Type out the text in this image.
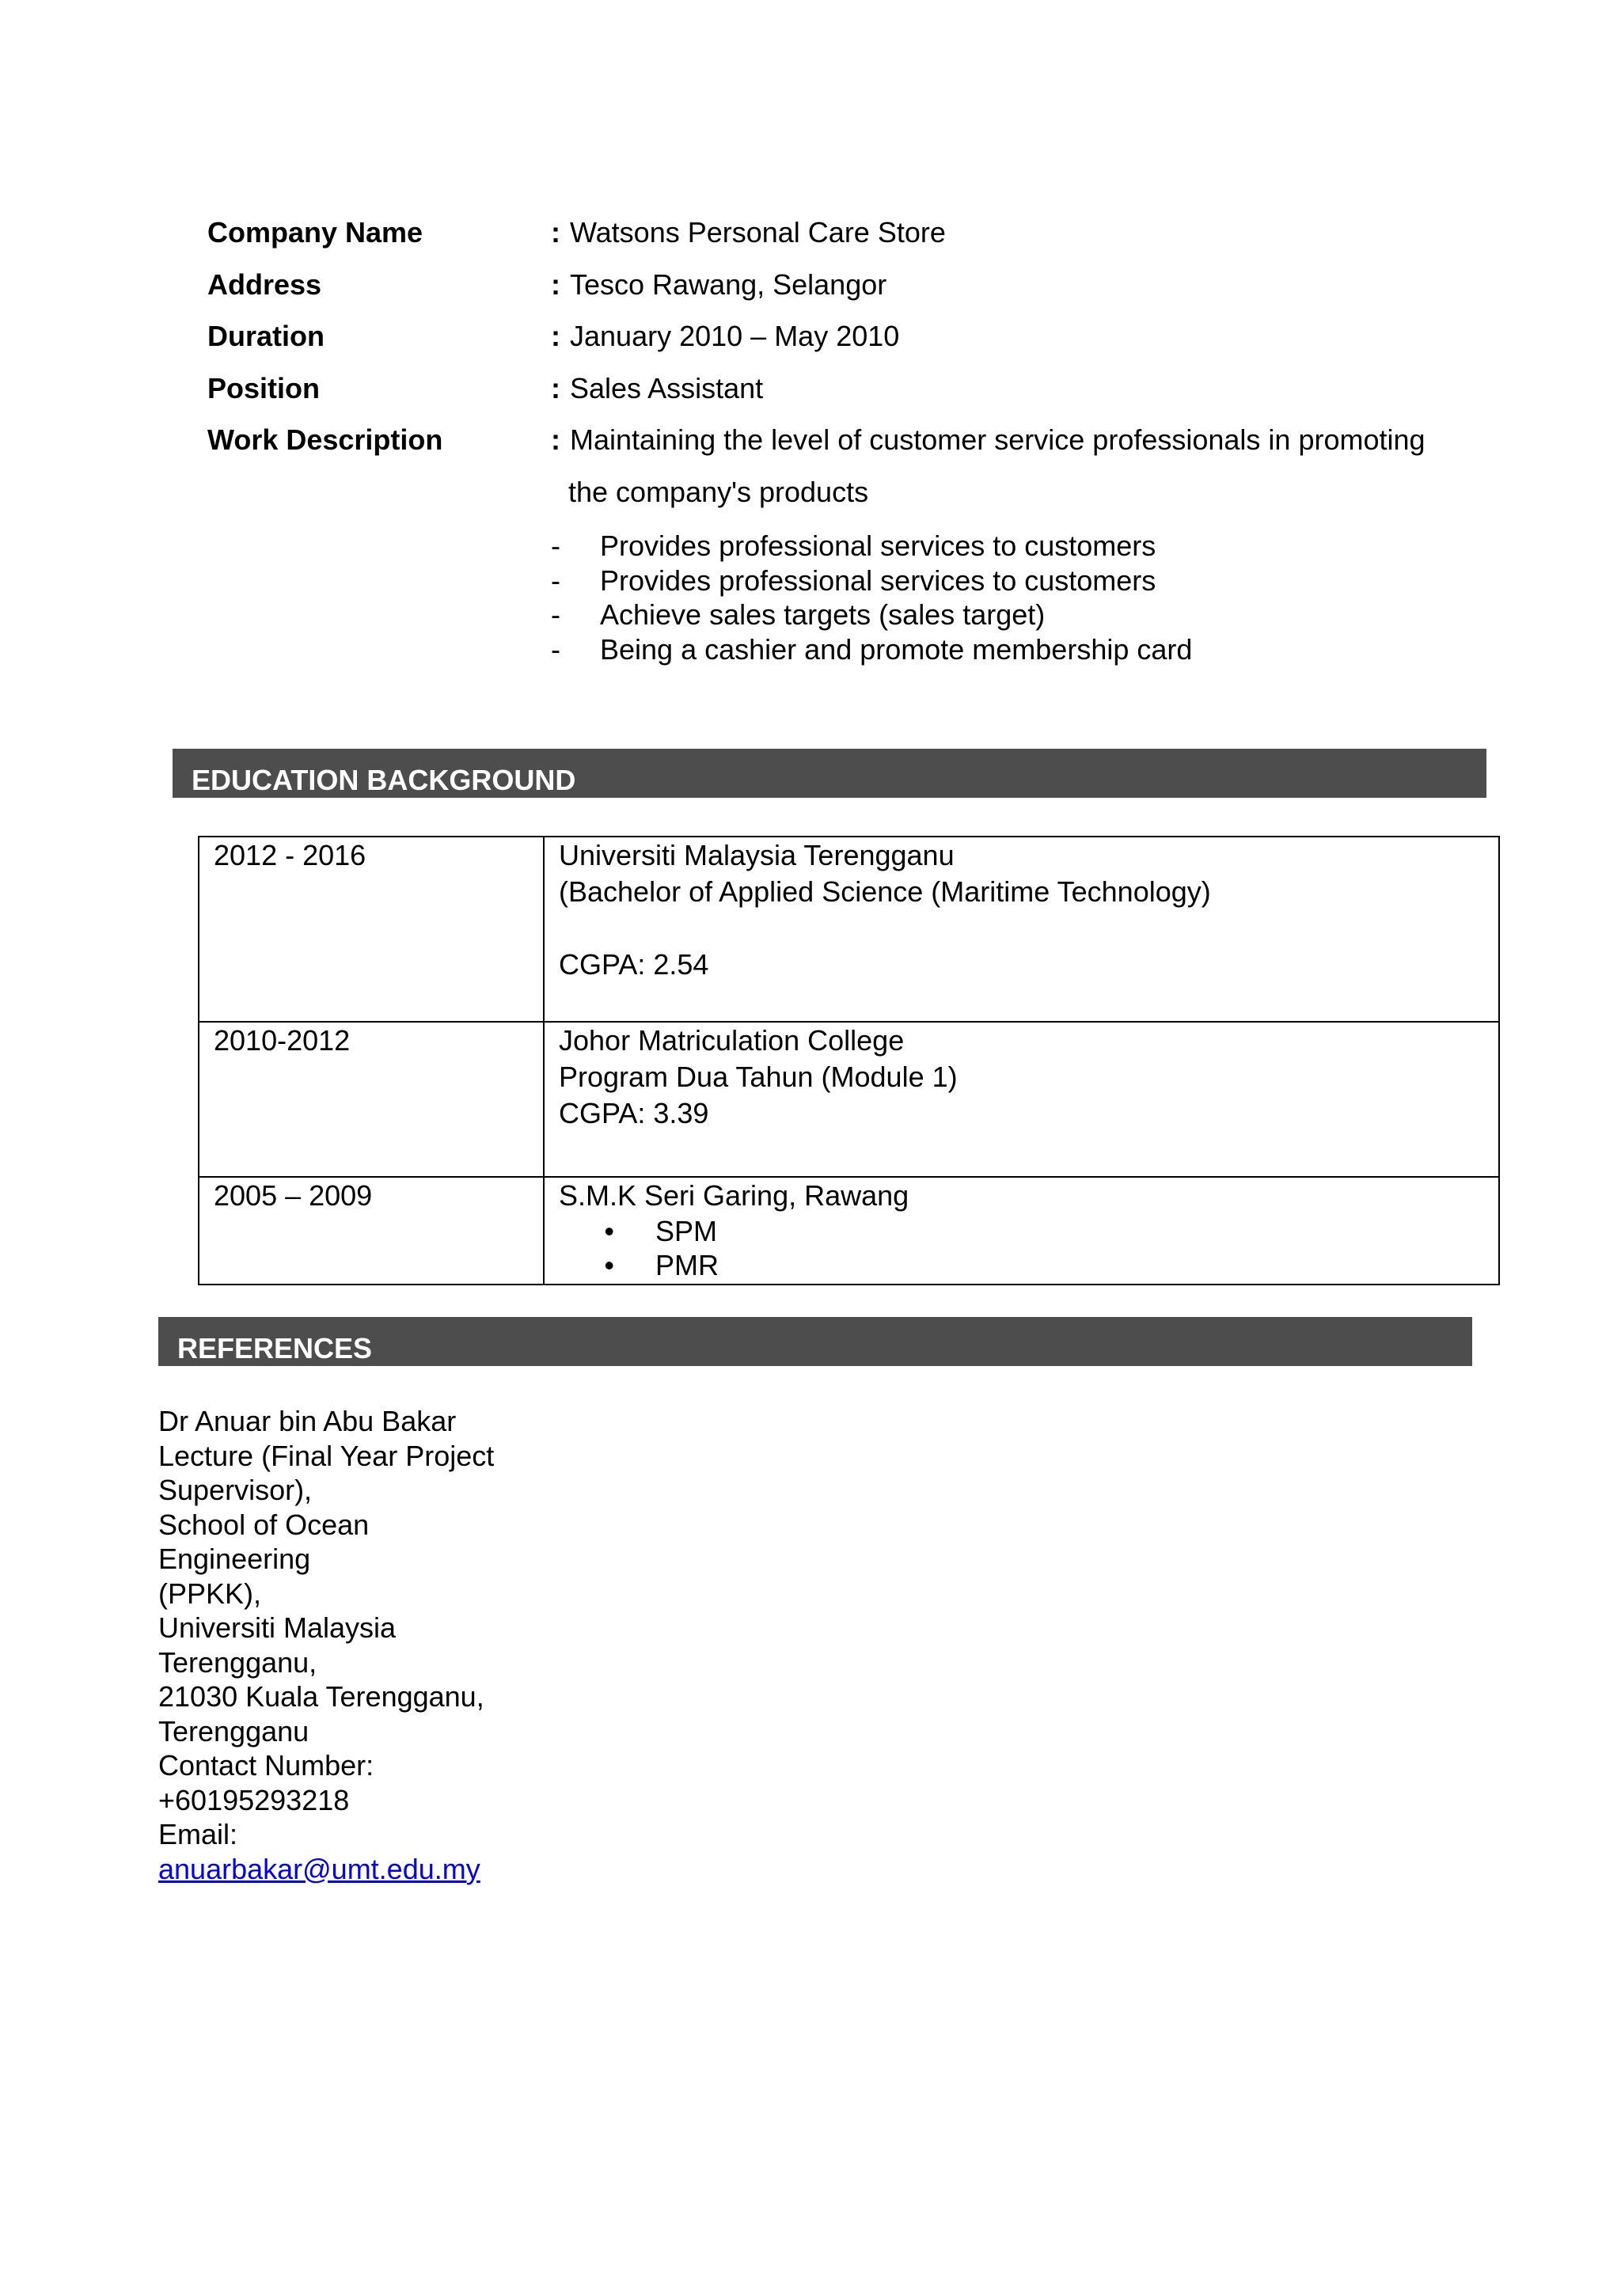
Company Name	: Watsons Personal Care Store
Address	: Tesco Rawang, Selangor
Duration	: January 2010 – May 2010
Position	: Sales Assistant
Work Description	: Maintaining the level of customer service professionals in promoting
the company's products
-	Provides professional services to customers
-	Provides professional services to customers
-	Achieve sales targets (sales target)
-	Being a cashier and promote membership card
EDUCATION BACKGROUND
2012 - 2016	Universiti Malaysia Terengganu
(Bachelor of Applied Science (Maritime Technology)
CGPA: 2.54

2010-2012	Johor Matriculation College
Program Dua Tahun (Module 1)
CGPA: 3.39

2005 – 2009	S.M.K Seri Garing, Rawang
• SPM
• PMR
REFERENCES
Dr Anuar bin Abu Bakar
Lecture (Final Year Project
Supervisor),
School of Ocean
Engineering
(PPKK),
Universiti Malaysia
Terengganu,
21030 Kuala Terengganu,
Terengganu
Contact Number:
+60195293218
Email:
anuarbakar@umt.edu.my
